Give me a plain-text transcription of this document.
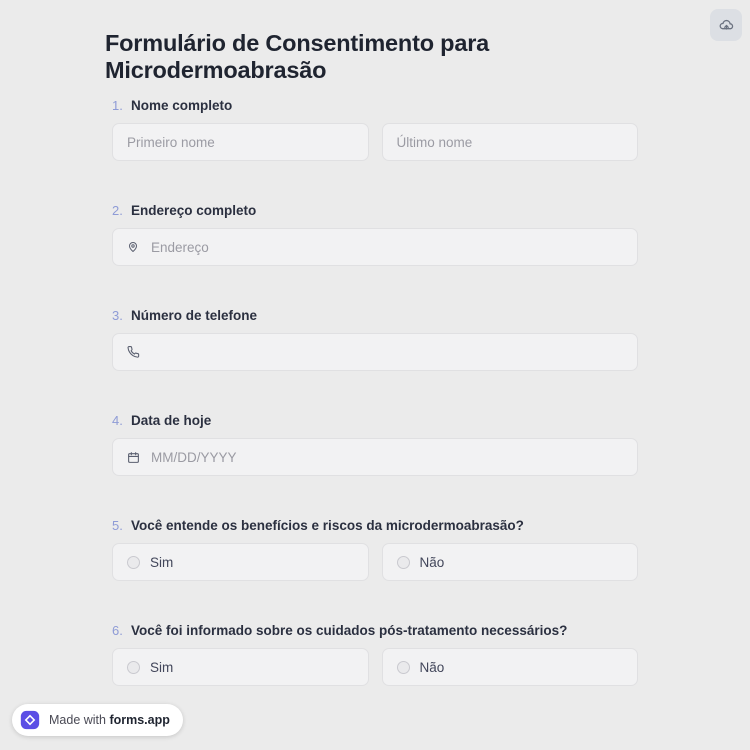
Formulário de Consentimento para Microdermoabrasão
1. Nome completo
Primeiro nome	Último nome
2. Endereço completo
Endereço
3. Número de telefone
4. Data de hoje
MM/DD/YYYY
5. Você entende os benefícios e riscos da microdermoabrasão?
Sim	Não
6. Você foi informado sobre os cuidados pós-tratamento necessários?
Sim	Não
Made with forms.app
